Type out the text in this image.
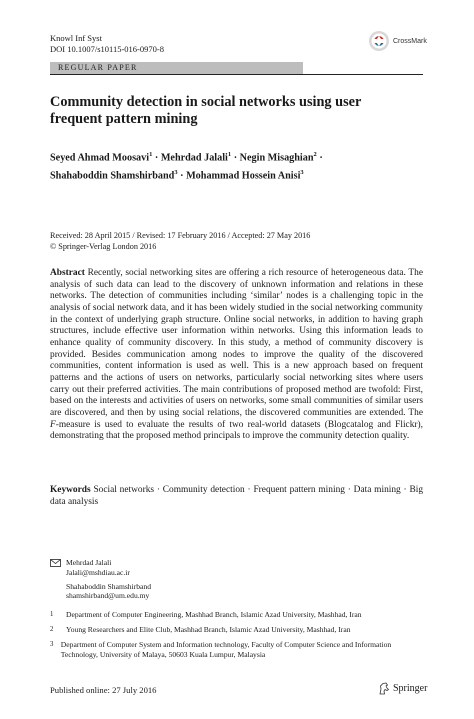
Knowl Inf Syst
DOI 10.1007/s10115-016-0970-8
CrossMark
REGULAR PAPER
Community detection in social networks using user
frequent pattern mining
Seyed Ahmad Moosavi$^1$ · Mehrdad Jalali$^1$ · Negin Misaghian$^2$ ·
Shahaboddin Shamshirband$^3$ · Mohammad Hossein Anisi$^3$
Received: 28 April 2015 / Revised: 17 February 2016 / Accepted: 27 May 2016
© Springer-Verlag London 2016
Abstract Recently, social networking sites are offering a rich resource of heterogeneous data. The analysis of such data can lead to the discovery of unknown information and relations in these networks. The detection of communities including ‘similar’ nodes is a challenging topic in the analysis of social network data, and it has been widely studied in the social networking community in the context of underlying graph structure. Online social networks, in addition to having graph structures, include effective user information within networks. Using this information leads to enhance quality of community discovery. In this study, a method of community discovery is provided. Besides communication among nodes to improve the quality of the discovered communities, content information is used as well. This is a new approach based on frequent patterns and the actions of users on networks, particularly social networking sites where users carry out their preferred activities. The main contributions of proposed method are twofold: First, based on the interests and activities of users on networks, some small communities of similar users are discovered, and then by using social relations, the discovered communities are extended. The F-measure is used to evaluate the results of two real-world datasets (Blogcatalog and Flickr), demonstrating that the proposed method principals to improve the community detection quality.
Keywords Social networks · Community detection · Frequent pattern mining · Data mining · Big data analysis
Mehrdad Jalali
Jalali@mshdiau.ac.ir
Shahaboddin Shamshirband
shamshirband@um.edu.my
1	Department of Computer Engineering, Mashhad Branch, Islamic Azad University, Mashhad, Iran
2	Young Researchers and Elite Club, Mashhad Branch, Islamic Azad University, Mashhad, Iran
3 Department of Computer System and Information technology, Faculty of Computer Science and Information Technology, University of Malaya, 50603 Kuala Lumpur, Malaysia
Published online: 27 July 2016	Springer
